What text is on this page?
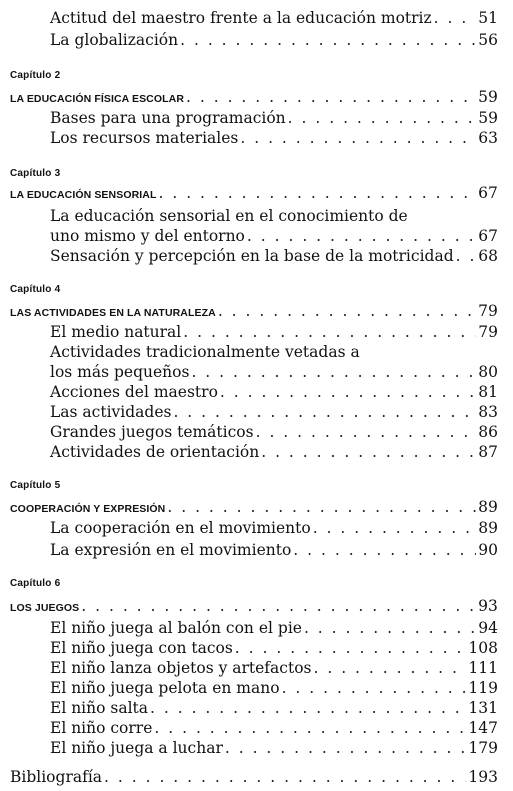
Actitud del maestro frente a la educación motriz . . .	51
La globalización . . .	56
Capítulo 2
LA EDUCACIÓN FÍSICA ESCOLAR . . .	59
Bases para una programación . . .	59
Los recursos materiales . . .	63
Capítulo 3
LA EDUCACIÓN SENSORIAL . . .	67
La educación sensorial en el conocimiento de
uno mismo y del entorno . . .	67
Sensación y percepción en la base de la motricidad . . . 68
Capítulo 4
LAS ACTIVIDADES EN LA NATURALEZA . . .	79
El medio natural . . .	79
Actividades tradicionalmente vetadas a
los más pequeños . . .	80
Acciones del maestro . . .	81
Las actividades . . .	83
Grandes juegos temáticos . . .	86
Actividades de orientación . . .	87
Capítulo 5
COOPERACIÓN Y EXPRESIÓN . . .	89
La cooperación en el movimiento . . .	89
La expresión en el movimiento . . .	90
Capítulo 6
LOS JUEGOS . . .	93
El niño juega al balón con el pie . . .	94
El niño juega con tacos . . .	108
El niño lanza objetos y artefactos . . .	111
El niño juega pelota en mano . . .	119
El niño salta . . .	131
El niño corre . . .	147
El niño juega a luchar . . .	179
Bibliografía . . .	193
